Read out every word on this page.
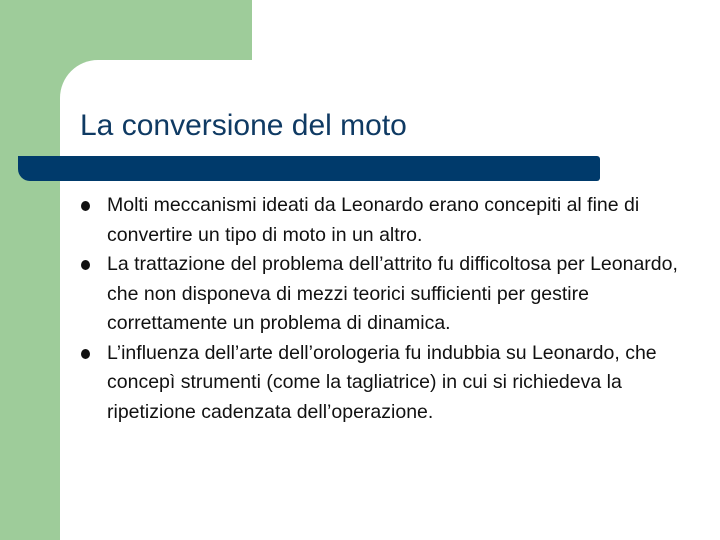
La conversione del moto
Molti meccanismi ideati da Leonardo erano concepiti al fine di convertire un tipo di moto in un altro.
La trattazione del problema dell’attrito fu difficoltosa per Leonardo, che non disponeva di mezzi teorici sufficienti per gestire correttamente un problema di dinamica.
L’influenza dell’arte dell’orologeria fu indubbia su Leonardo, che concepì strumenti (come la tagliatrice) in cui si richiedeva la ripetizione cadenzata dell’operazione.
